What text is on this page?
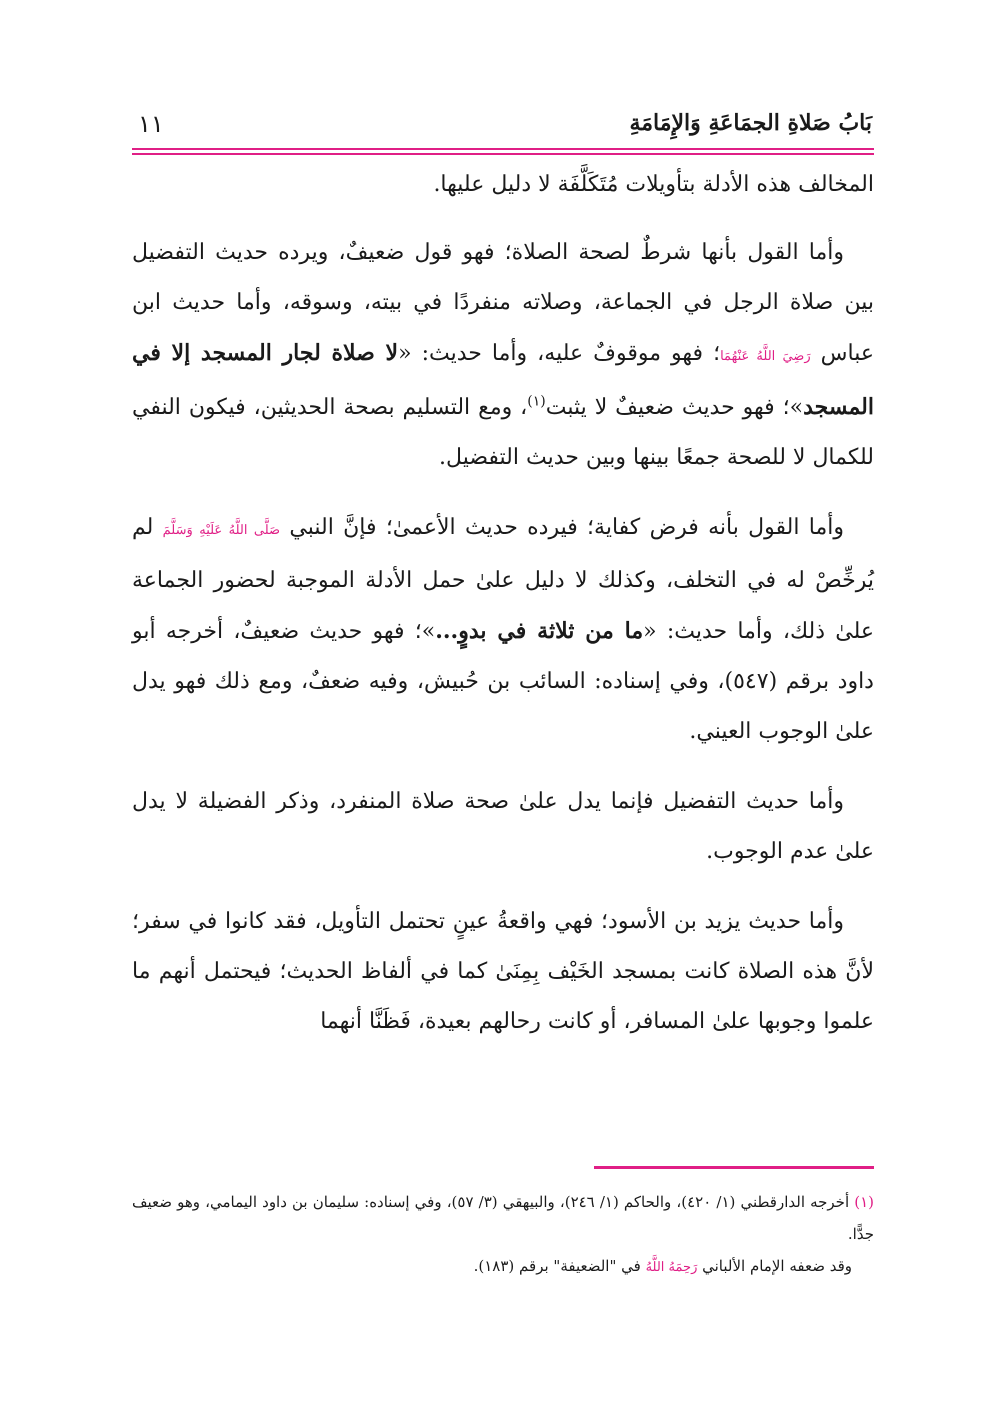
بَابُ صَلاةِ الجمَاعَةِ وَالإِمَامَةِ
١١

المخالف هذه الأدلة بتأويلات مُتَكَلَّفَة لا دليل عليها.

وأما القول بأنها شرطٌ لصحة الصلاة؛ فهو قول ضعيفٌ، ويرده حديث التفضيل بين صلاة الرجل في الجماعة، وصلاته منفردًا في بيته، وسوقه، وأما حديث ابن عباس رَضِيَ اللَّهُ عَنْهُمَا؛ فهو موقوفٌ عليه، وأما حديث: «لا صلاة لجار المسجد إلا في المسجد»؛ فهو حديث ضعيفٌ لا يثبت$^{(١)}$، ومع التسليم بصحة الحديثين، فيكون النفي للكمال لا للصحة جمعًا بينها وبين حديث التفضيل.

وأما القول بأنه فرض كفاية؛ فيرده حديث الأعمىٰ؛ فإنَّ النبي صَلَّى اللَّهُ عَلَيْهِ وَسَلَّمَ لم يُرخِّصْ له في التخلف، وكذلك لا دليل علىٰ حمل الأدلة الموجبة لحضور الجماعة علىٰ ذلك، وأما حديث: «ما من ثلاثة في بدوٍ...»؛ فهو حديث ضعيفٌ، أخرجه أبو داود برقم (٥٤٧)، وفي إسناده: السائب بن حُبيش، وفيه ضعفٌ، ومع ذلك فهو يدل علىٰ الوجوب العيني.

وأما حديث التفضيل فإنما يدل علىٰ صحة صلاة المنفرد، وذكر الفضيلة لا يدل علىٰ عدم الوجوب.

وأما حديث يزيد بن الأسود؛ فهي واقعةُ عينٍ تحتمل التأويل، فقد كانوا في سفر؛ لأنَّ هذه الصلاة كانت بمسجد الخَيْف بِمِنَىٰ كما في ألفاظ الحديث؛ فيحتمل أنهم ما علموا وجوبها علىٰ المسافر، أو كانت رحالهم بعيدة، فَظَنَّا أنهما

(١) أخرجه الدارقطني (١/ ٤٢٠)، والحاكم (١/ ٢٤٦)، والبيهقي (٣/ ٥٧)، وفي إسناده: سليمان بن داود اليمامي، وهو ضعيف جدًّا.

وقد ضعفه الإمام الألباني رَحِمَهُ اللَّهُ في "الضعيفة" برقم (١٨٣).
